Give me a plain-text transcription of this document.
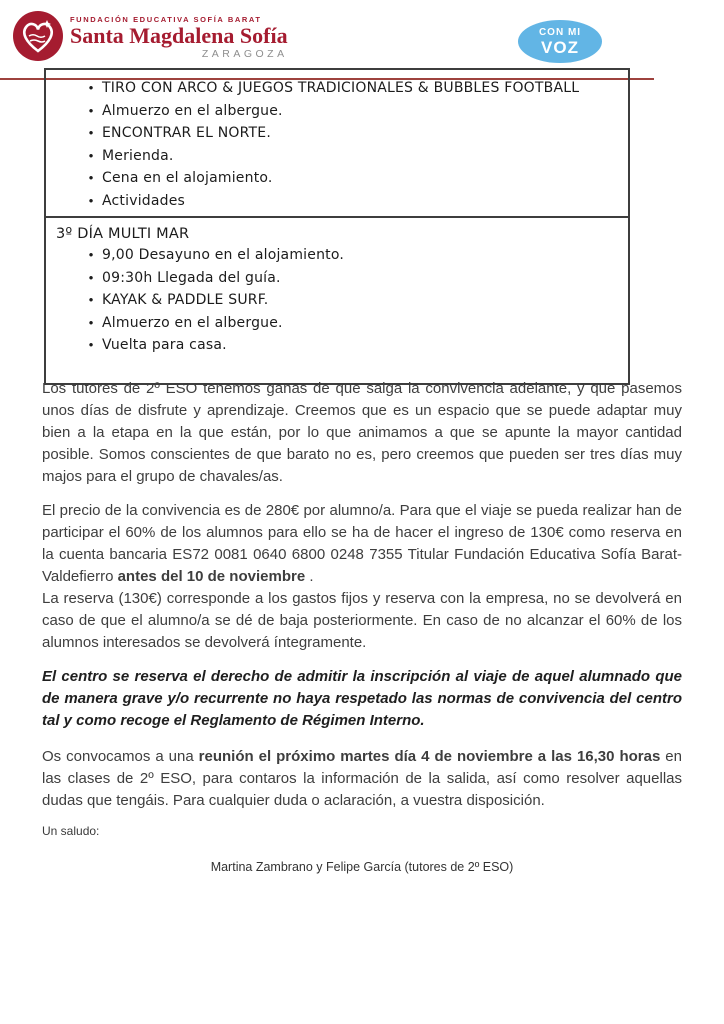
FUNDACIÓN EDUCATIVA SOFÍA BARAT
Santa Magdalena Sofía
ZARAGOZA
CON MI
VOZ
• TIRO CON ARCO & JUEGOS TRADICIONALES & BUBBLES FOOTBALL
• Almuerzo en el albergue.
• ENCONTRAR EL NORTE.
• Merienda.
• Cena en el alojamiento.
• Actividades
3º DÍA MULTI MAR
• 9,00 Desayuno en el alojamiento.
• 09:30h Llegada del guía.
• KAYAK & PADDLE SURF.
• Almuerzo en el albergue.
• Vuelta para casa.

Los tutores de 2º ESO tenemos ganas de que salga la convivencia adelante, y que pasemos unos días de disfrute y aprendizaje. Creemos que es un espacio que se puede adaptar muy bien a la etapa en la que están, por lo que animamos a que se apunte la mayor cantidad posible. Somos conscientes de que barato no es, pero creemos que pueden ser tres días muy majos para el grupo de chavales/as.

El precio de la convivencia es de 280€ por alumno/a. Para que el viaje se pueda realizar han de participar el 60% de los alumnos para ello se ha de hacer el ingreso de 130€ como reserva en la cuenta bancaria ES72 0081 0640 6800 0248 7355 Titular Fundación Educativa Sofía Barat-Valdefierro antes del 10 de noviembre .

La reserva (130€) corresponde a los gastos fijos y reserva con la empresa, no se devolverá en caso de que el alumno/a se dé de baja posteriormente. En caso de no alcanzar el 60% de los alumnos interesados se devolverá íntegramente.

El centro se reserva el derecho de admitir la inscripción al viaje de aquel alumnado que de manera grave y/o recurrente no haya respetado las normas de convivencia del centro tal y como recoge el Reglamento de Régimen Interno.

Os convocamos a una reunión el próximo martes día 4 de noviembre a las 16,30 horas en las clases de 2º ESO, para contaros la información de la salida, así como resolver aquellas dudas que tengáis. Para cualquier duda o aclaración, a vuestra disposición.

Un saludo:
Martina Zambrano y Felipe García (tutores de 2º ESO)
